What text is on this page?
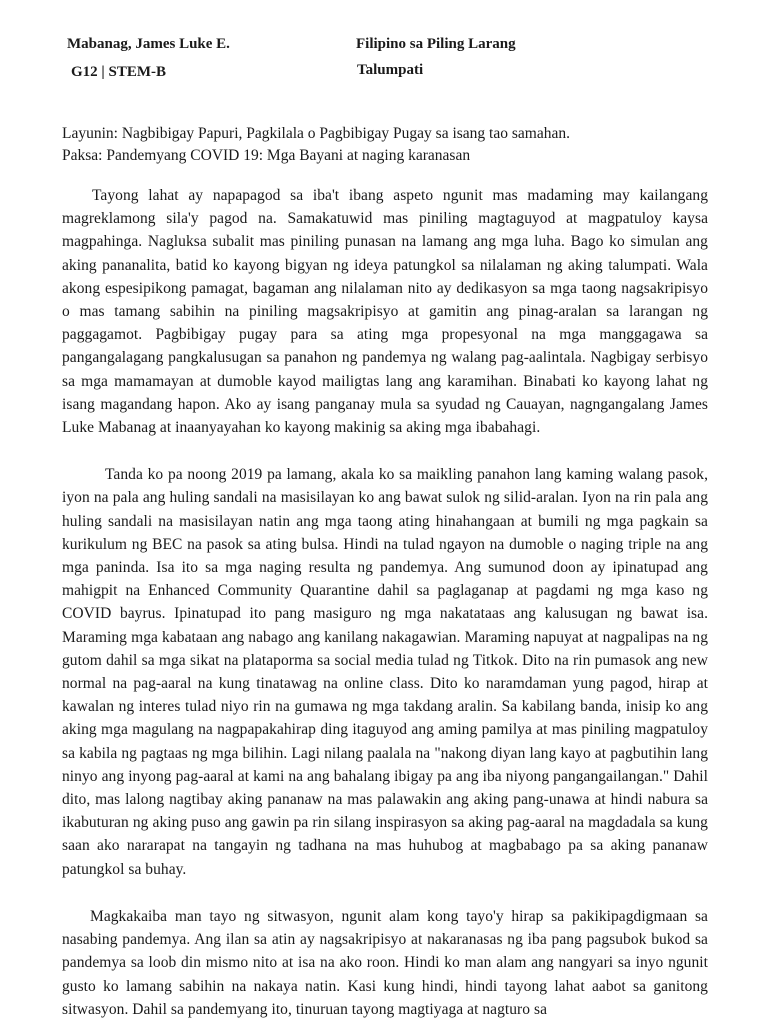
Mabanag, James Luke E.	Filipino sa Piling Larang
G12 | STEM-B	Talumpati
Layunin: Nagbibigay Papuri, Pagkilala o Pagbibigay Pugay sa isang tao samahan.
Paksa: Pandemyang COVID 19: Mga Bayani at naging karanasan

Tayong lahat ay napapagod sa iba't ibang aspeto ngunit mas madaming may kailangang magreklamong sila'y pagod na. Samakatuwid mas piniling magtaguyod at magpatuloy kaysa magpahinga. Nagluksa subalit mas piniling punasan na lamang ang mga luha. Bago ko simulan ang aking pananalita, batid ko kayong bigyan ng ideya patungkol sa nilalaman ng aking talumpati. Wala akong espesipikong pamagat, bagaman ang nilalaman nito ay dedikasyon sa mga taong nagsakripisyo o mas tamang sabihin na piniling magsakripisyo at gamitin ang pinag-aralan sa larangan ng paggagamot. Pagbibigay pugay para sa ating mga propesyonal na mga manggagawa sa pangangalagang pangkalusugan sa panahon ng pandemya ng walang pag-aalintala. Nagbigay serbisyo sa mga mamamayan at dumoble kayod mailigtas lang ang karamihan. Binabati ko kayong lahat ng isang magandang hapon. Ako ay isang panganay mula sa syudad ng Cauayan, nagngangalang James Luke Mabanag at inaanyayahan ko kayong makinig sa aking mga ibabahagi.

Tanda ko pa noong 2019 pa lamang, akala ko sa maikling panahon lang kaming walang pasok, iyon na pala ang huling sandali na masisilayan ko ang bawat sulok ng silid-aralan. Iyon na rin pala ang huling sandali na masisilayan natin ang mga taong ating hinahangaan at bumili ng mga pagkain sa kurikulum ng BEC na pasok sa ating bulsa. Hindi na tulad ngayon na dumoble o naging triple na ang mga paninda. Isa ito sa mga naging resulta ng pandemya. Ang sumunod doon ay ipinatupad ang mahigpit na Enhanced Community Quarantine dahil sa paglaganap at pagdami ng mga kaso ng COVID bayrus. Ipinatupad ito pang masiguro ng mga nakatataas ang kalusugan ng bawat isa. Maraming mga kabataan ang nabago ang kanilang nakagawian. Maraming napuyat at nagpalipas na ng gutom dahil sa mga sikat na plataporma sa social media tulad ng Titkok. Dito na rin pumasok ang new normal na pag-aaral na kung tinatawag na online class. Dito ko naramdaman yung pagod, hirap at kawalan ng interes tulad niyo rin na gumawa ng mga takdang aralin. Sa kabilang banda, inisip ko ang aking mga magulang na nagpapakahirap ding itaguyod ang aming pamilya at mas piniling magpatuloy sa kabila ng pagtaas ng mga bilihin. Lagi nilang paalala na "nakong diyan lang kayo at pagbutihin lang ninyo ang inyong pag-aaral at kami na ang bahalang ibigay pa ang iba niyong pangangailangan." Dahil dito, mas lalong nagtibay aking pananaw na mas palawakin ang aking pang-unawa at hindi nabura sa ikabuturan ng aking puso ang gawin pa rin silang inspirasyon sa aking pag-aaral na magdadala sa kung saan ako nararapat na tangayin ng tadhana na mas huhubog at magbabago pa sa aking pananaw patungkol sa buhay.

Magkakaiba man tayo ng sitwasyon, ngunit alam kong tayo'y hirap sa pakikipagdigmaan sa nasabing pandemya. Ang ilan sa atin ay nagsakripisyo at nakaranasas ng iba pang pagsubok bukod sa pandemya sa loob din mismo nito at isa na ako roon. Hindi ko man alam ang nangyari sa inyo ngunit gusto ko lamang sabihin na nakaya natin. Kasi kung hindi, hindi tayong lahat aabot sa ganitong sitwasyon. Dahil sa pandemyang ito, tinuruan tayong magtiyaga at nagturo sa
